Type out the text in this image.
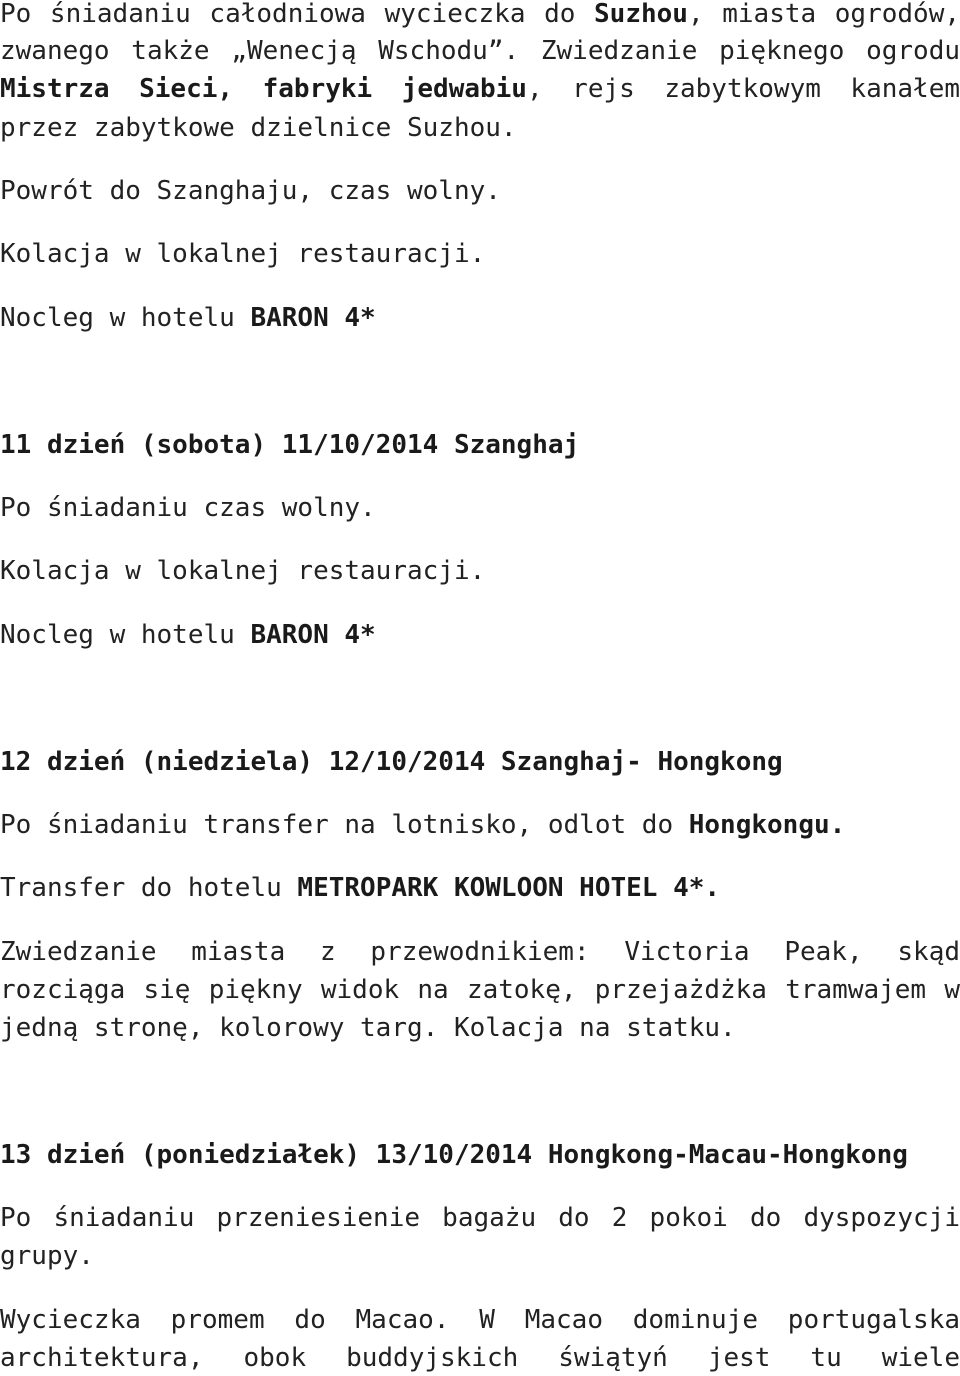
Po śniadaniu całodniowa wycieczka do Suzhou, miasta ogrodów,
zwanego także „Wenecją Wschodu”. Zwiedzanie pięknego ogrodu
Mistrza Sieci, fabryki jedwabiu, rejs zabytkowym kanałem
przez zabytkowe dzielnice Suzhou.
Powrót do Szanghaju, czas wolny.
Kolacja w lokalnej restauracji.
Nocleg w hotelu BARON 4*
11 dzień (sobota) 11/10/2014 Szanghaj
Po śniadaniu czas wolny.
Kolacja w lokalnej restauracji.
Nocleg w hotelu BARON 4*
12 dzień (niedziela) 12/10/2014 Szanghaj- Hongkong
Po śniadaniu transfer na lotnisko, odlot do Hongkongu.
Transfer do hotelu METROPARK KOWLOON HOTEL 4*.
Zwiedzanie miasta z przewodnikiem: Victoria Peak, skąd
rozciąga się piękny widok na zatokę, przejażdżka tramwajem w
jedną stronę, kolorowy targ. Kolacja na statku.
13 dzień (poniedziałek) 13/10/2014 Hongkong-Macau-Hongkong
Po śniadaniu przeniesienie bagażu do 2 pokoi do dyspozycji
grupy.
Wycieczka promem do Macao. W Macao dominuje portugalska
architektura, obok buddyjskich świątyń jest tu wiele
